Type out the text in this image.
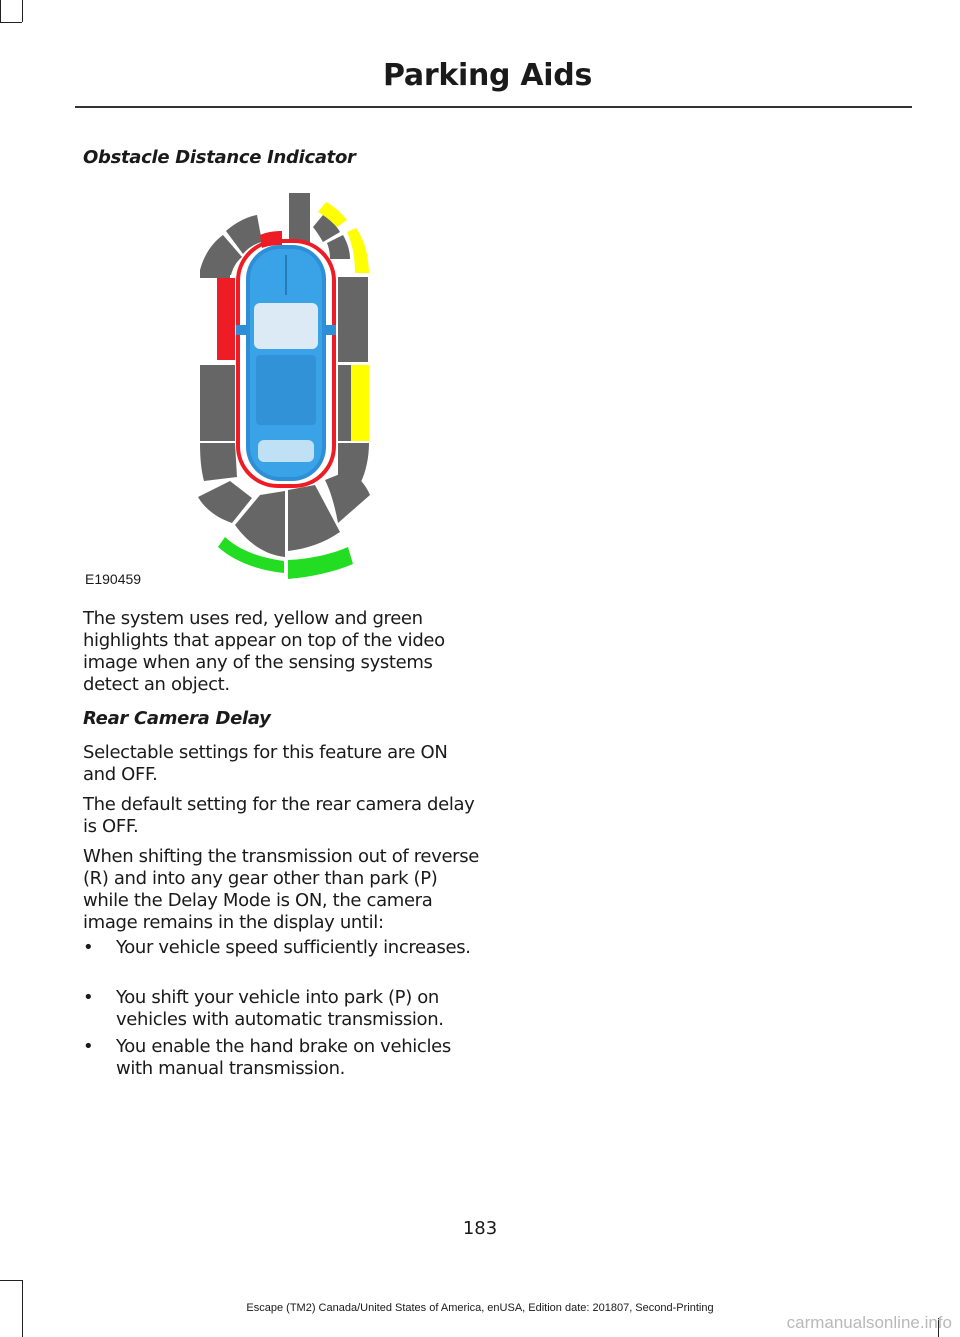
Parking Aids
Obstacle Distance Indicator
E190459
The system uses red, yellow and green highlights that appear on top of the video image when any of the sensing systems detect an object.
Rear Camera Delay
Selectable settings for this feature are ON and OFF.
The default setting for the rear camera delay is OFF.
When shifting the transmission out of reverse (R) and into any gear other than park (P) while the Delay Mode is ON, the camera image remains in the display until:
• Your vehicle speed sufficiently increases.
• You shift your vehicle into park (P) on vehicles with automatic transmission.
• You enable the hand brake on vehicles with manual transmission.
183
Escape (TM2) Canada/United States of America, enUSA, Edition date: 201807, Second-Printing
carmanualsonline.info
